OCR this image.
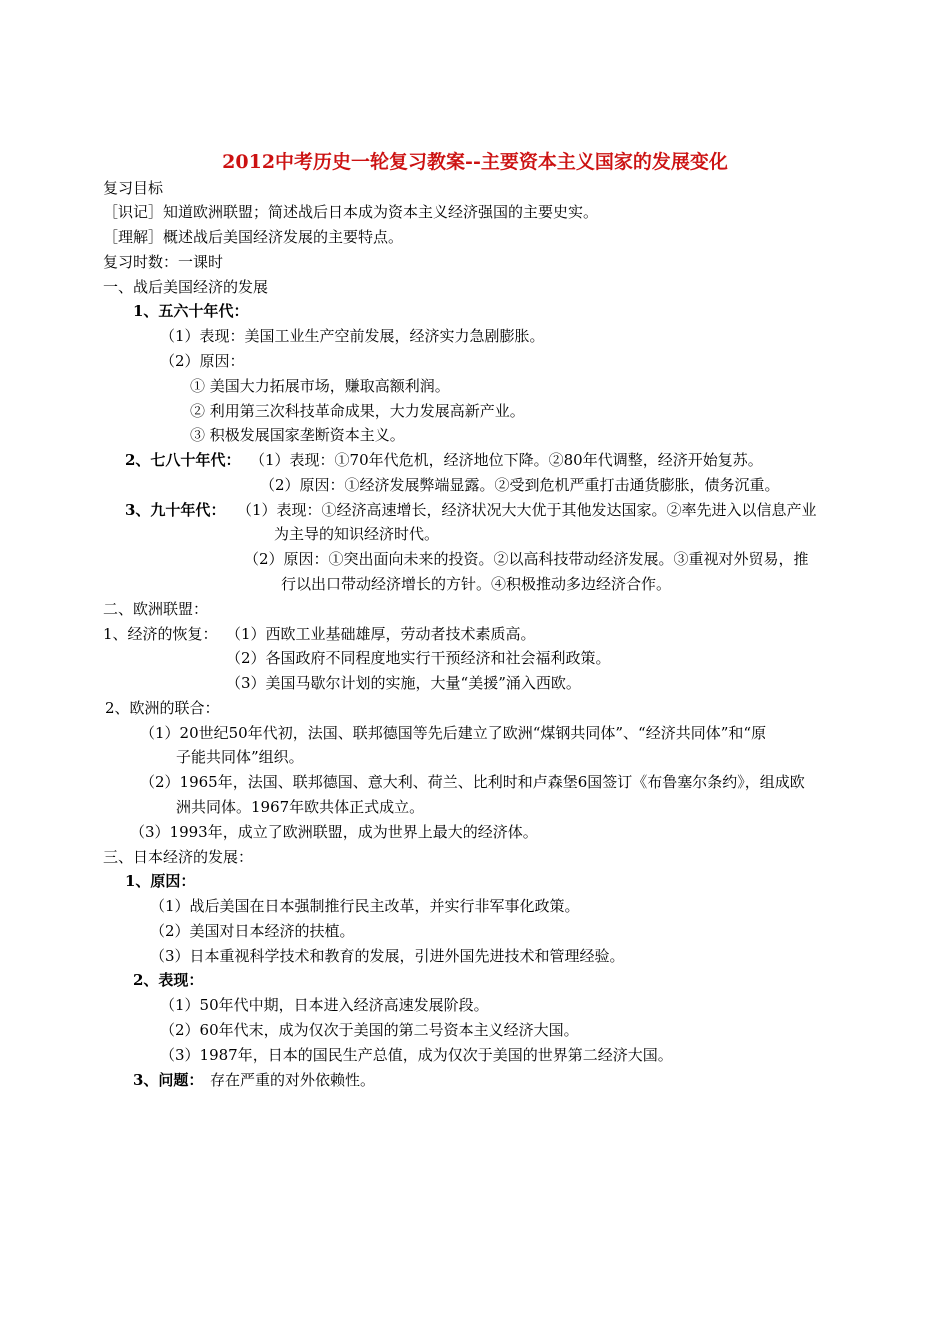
2012中考历史一轮复习教案--主要资本主义国家的发展变化
复习目标
［识记］知道欧洲联盟；简述战后日本成为资本主义经济强国的主要史实。
［理解］概述战后美国经济发展的主要特点。
复习时数：一课时
一、战后美国经济的发展
1、五六十年代：
（1）表现：美国工业生产空前发展，经济实力急剧膨胀。
（2）原因：
① 美国大力拓展市场，赚取高额利润。
② 利用第三次科技革命成果，大力发展高新产业。
③ 积极发展国家垄断资本主义。
2、七八十年代： （1）表现：①70年代危机，经济地位下降。②80年代调整，经济开始复苏。
（2）原因：①经济发展弊端显露。②受到危机严重打击通货膨胀，债务沉重。
3、九十年代： （1）表现：①经济高速增长，经济状况大大优于其他发达国家。②率先进入以信息产业
为主导的知识经济时代。
（2）原因：①突出面向未来的投资。②以高科技带动经济发展。③重视对外贸易，推
行以出口带动经济增长的方针。④积极推动多边经济合作。
二、欧洲联盟：
1、经济的恢复： （1）西欧工业基础雄厚，劳动者技术素质高。
（2）各国政府不同程度地实行干预经济和社会福利政策。
（3）美国马歇尔计划的实施，大量“美援”涌入西欧。
2、欧洲的联合：
（1）20世纪50年代初，法国、联邦德国等先后建立了欧洲“煤钢共同体”、“经济共同体”和“原
子能共同体”组织。
（2）1965年，法国、联邦德国、意大利、荷兰、比利时和卢森堡6国签订《布鲁塞尔条约》，组成欧
洲共同体。1967年欧共体正式成立。
（3）1993年，成立了欧洲联盟，成为世界上最大的经济体。
三、日本经济的发展：
1、原因：
（1）战后美国在日本强制推行民主改革，并实行非军事化政策。
（2）美国对日本经济的扶植。
（3）日本重视科学技术和教育的发展，引进外国先进技术和管理经验。
2、表现：
（1）50年代中期，日本进入经济高速发展阶段。
（2）60年代末，成为仅次于美国的第二号资本主义经济大国。
（3）1987年，日本的国民生产总值，成为仅次于美国的世界第二经济大国。
3、问题： 存在严重的对外依赖性。
